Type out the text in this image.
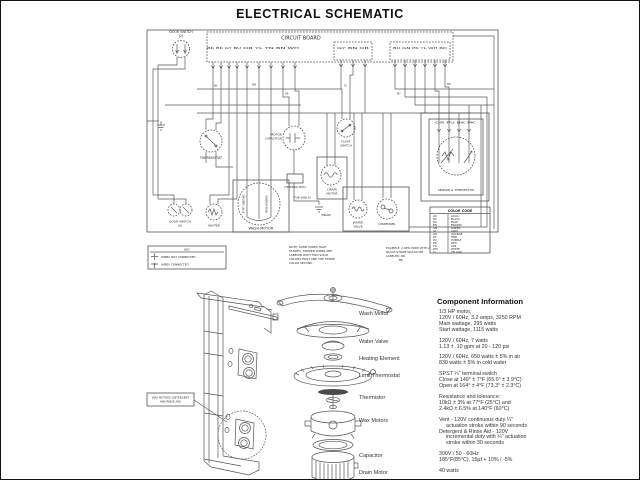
ELECTRICAL SCHEMATIC
CIRCUIT BOARD
BK BK GY BU	OR YL TN BN WH	GY BN OR	BU GN PK YL WH RD
BK	WH
OR
GY
BU
RD
DOOR SWITCH
(2)
THERMOSTAT
MOTOR
CAPACITOR
FLOAT
SWITCH
DRAIN
MOTOR
(TERMINAL BOX)
(TUB SHIELD)
(HINGE)
START WINDING	MAIN WINDING
WASH MOTOR
DOOR SWITCH
(A)	HEATER
WATER
VALVE
DISPENSER
OR PU BK PK
SENSOR & THERMISTOR
KEY
WIRES NOT CONNECTED
WIRES CONNECTED
NOTE: SOME WIRES HAVE
STRIPES. STRIPED WIRES ARE
LABELED WITH TWO SOLID
COLORS FIRST AND THE STRIPE
COLOR SECOND
EXAMPLE: A RED WIRE WITH A
BLACK STRIPE WOULD BE
LABELED: RD
BK
COLOR CODE
AQ	AQUA
BK	BLACK
BU	BLUE
BN	BROWN
GN	GREEN
GY	GRAY
OR	ORANGE
PK	PINK
PU	PURPLE
RD	RED
TN	TAN
WH	WHITE
YL	YELLOW
WAX MOTORS (DETERGENT
AND RINSE AID)
Component Information
Wash Motor	1/3 HP motor,
120V / 60Hz, 3.2 amps, 3250 RPM
Main wattage, 295 watts
Start wattage, 1115 watts
Water Valve	120V / 60Hz, 7 watts
1.13 ± .10 gpm at 20 - 120 psi
Heating Element	120V / 60Hz, 650 watts ± 5% in air
830 watts ± 5% in cold water
Limit Thermostat	SPST ¼" terminal switch
Close at 149° ± 7°F (65.0° ± 3.9°C)
Open at 164° ± 4°F (73.3° ± 2.3°C)
Thermistor	Resistance and tolerance:
10kΩ ± 3% at 77°F (25°C) and
2.4kΩ ± 6.5% at 140°F (60°C)
Wax Motors	Vent - 120V continuous duty ¼"
actuation stroke within 90 seconds
Detergent & Rinse Aid - 120V
incremental duty with ¼" actuation
stroke within 30 seconds
Capacitor	300V / 50 - 60Hz
185°F(85°C), 15μf + 10% / -5%
Drain Motor	40 watts
